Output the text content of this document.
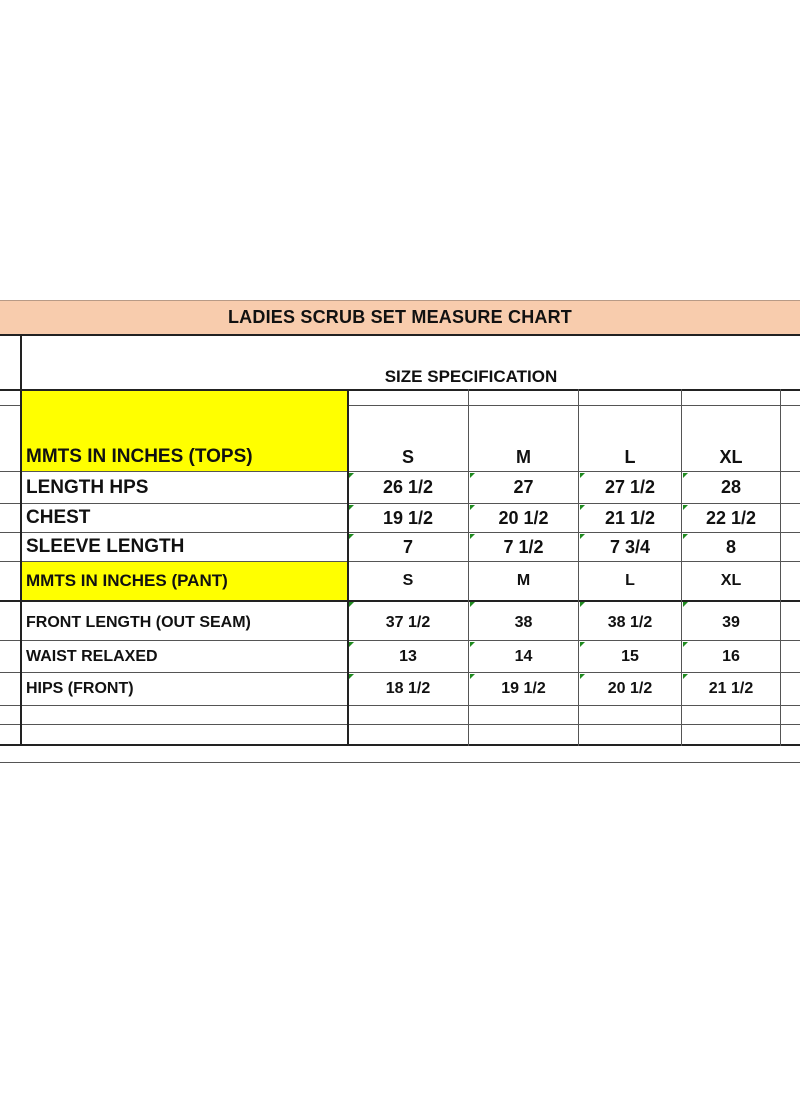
LADIES SCRUB SET MEASURE CHART
SIZE SPECIFICATION
MMTS IN INCHES (TOPS)	S	M	L	XL
LENGTH HPS	26 1/2	27	27 1/2	28
CHEST	19 1/2	20 1/2	21 1/2	22 1/2
SLEEVE LENGTH	7	7 1/2	7 3/4	8
MMTS IN INCHES (PANT)	S	M	L	XL
FRONT LENGTH (OUT SEAM)	37 1/2	38	38 1/2	39
WAIST RELAXED	13	14	15	16
HIPS (FRONT)	18 1/2	19 1/2	20 1/2	21 1/2
